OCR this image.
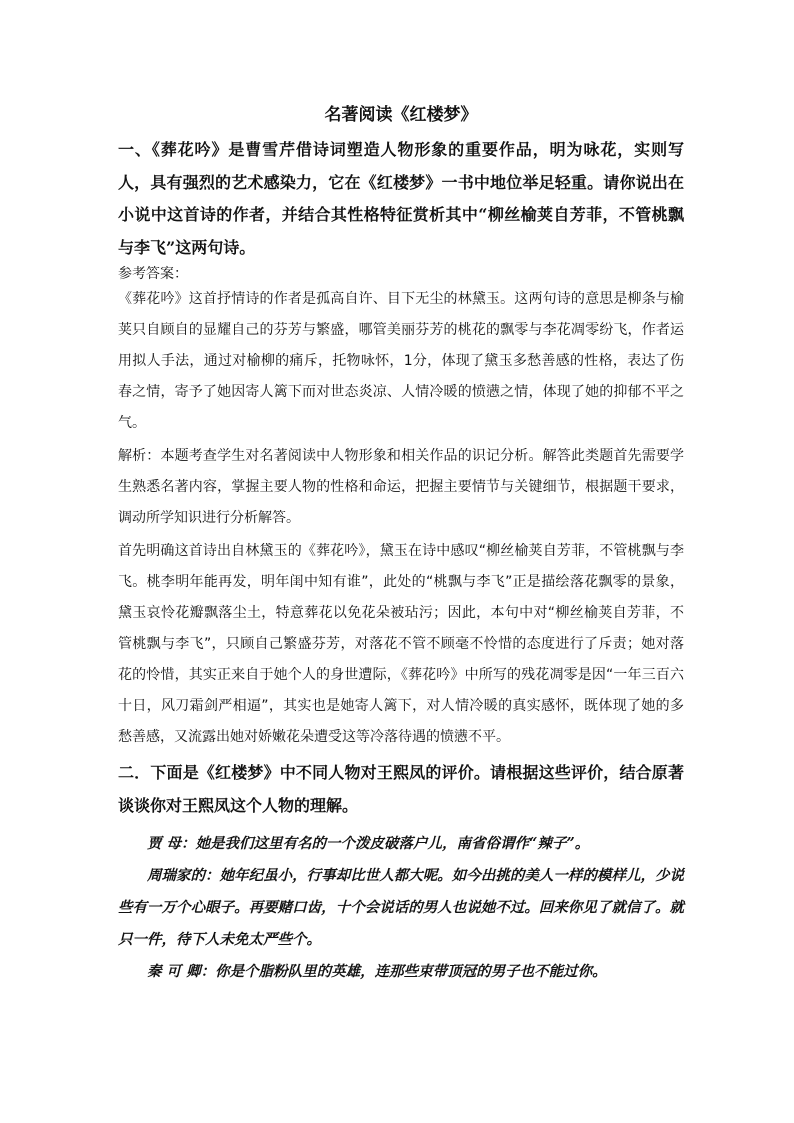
名著阅读《红楼梦》

一、《葬花吟》是曹雪芹借诗词塑造人物形象的重要作品，明为咏花，实则写人，具有强烈的艺术感染力，它在《红楼梦》一书中地位举足轻重。请你说出在小说中这首诗的作者，并结合其性格特征赏析其中“柳丝榆荚自芳菲，不管桃飘与李飞”这两句诗。

参考答案：

《葬花吟》这首抒情诗的作者是孤高自许、目下无尘的林黛玉。这两句诗的意思是柳条与榆荚只自顾自的显耀自己的芬芳与繁盛，哪管美丽芬芳的桃花的飘零与李花凋零纷飞，作者运用拟人手法，通过对榆柳的痛斥，托物咏怀，1分，体现了黛玉多愁善感的性格，表达了伤春之情，寄予了她因寄人篱下而对世态炎凉、人情冷暖的愤懑之情，体现了她的抑郁不平之气。

解析：本题考查学生对名著阅读中人物形象和相关作品的识记分析。解答此类题首先需要学生熟悉名著内容，掌握主要人物的性格和命运，把握主要情节与关键细节，根据题干要求，调动所学知识进行分析解答。

首先明确这首诗出自林黛玉的《葬花吟》，黛玉在诗中感叹“柳丝榆荚自芳菲，不管桃飘与李飞。桃李明年能再发，明年闺中知有谁”，此处的“桃飘与李飞”正是描绘落花飘零的景象，黛玉哀怜花瓣飘落尘土，特意葬花以免花朵被玷污；因此，本句中对“柳丝榆荚自芳菲，不管桃飘与李飞”，只顾自己繁盛芬芳，对落花不管不顾毫不怜惜的态度进行了斥责；她对落花的怜惜，其实正来自于她个人的身世遭际，《葬花吟》中所写的残花凋零是因“一年三百六十日，风刀霜剑严相逼”，其实也是她寄人篱下，对人情冷暖的真实感怀，既体现了她的多愁善感，又流露出她对娇嫩花朵遭受这等冷落待遇的愤懑不平。

二．下面是《红楼梦》中不同人物对王熙凤的评价。请根据这些评价，结合原著谈谈你对王熙凤这个人物的理解。

贾 母：她是我们这里有名的一个泼皮破落户儿，南省俗谓作“辣子”。

周瑞家的：她年纪虽小，行事却比世人都大呢。如今出挑的美人一样的模样儿，少说些有一万个心眼子。再要赌口齿，十个会说话的男人也说她不过。回来你见了就信了。就只一件，待下人未免太严些个。

秦 可 卿：你是个脂粉队里的英雄，连那些束带顶冠的男子也不能过你。
